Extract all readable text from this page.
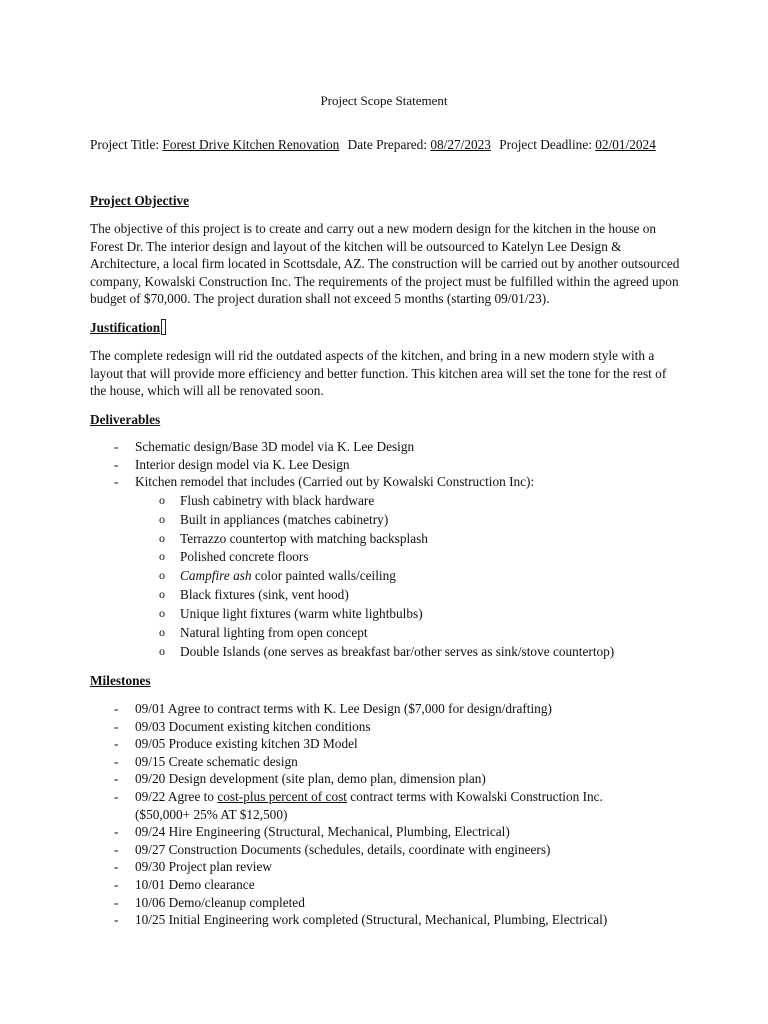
Project Scope Statement
Project Title: Forest Drive Kitchen Renovation Date Prepared: 08/27/2023 Project Deadline: 02/01/2024
Project Objective
The objective of this project is to create and carry out a new modern design for the kitchen in the house on Forest Dr. The interior design and layout of the kitchen will be outsourced to Katelyn Lee Design & Architecture, a local firm located in Scottsdale, AZ. The construction will be carried out by another outsourced company, Kowalski Construction Inc. The requirements of the project must be fulfilled within the agreed upon budget of $70,000. The project duration shall not exceed 5 months (starting 09/01/23).
Justification
The complete redesign will rid the outdated aspects of the kitchen, and bring in a new modern style with a layout that will provide more efficiency and better function. This kitchen area will set the tone for the rest of the house, which will all be renovated soon.
Deliverables
- Schematic design/Base 3D model via K. Lee Design
- Interior design model via K. Lee Design
- Kitchen remodel that includes (Carried out by Kowalski Construction Inc):
o Flush cabinetry with black hardware
o Built in appliances (matches cabinetry)
o Terrazzo countertop with matching backsplash
o Polished concrete floors
o Campfire ash color painted walls/ceiling
o Black fixtures (sink, vent hood)
o Unique light fixtures (warm white lightbulbs)
o Natural lighting from open concept
o Double Islands (one serves as breakfast bar/other serves as sink/stove countertop)
Milestones
- 09/01 Agree to contract terms with K. Lee Design ($7,000 for design/drafting)
- 09/03 Document existing kitchen conditions
- 09/05 Produce existing kitchen 3D Model
- 09/15 Create schematic design
- 09/20 Design development (site plan, demo plan, dimension plan)
- 09/22 Agree to cost-plus percent of cost contract terms with Kowalski Construction Inc.
($50,000+ 25% AT $12,500)
- 09/24 Hire Engineering (Structural, Mechanical, Plumbing, Electrical)
- 09/27 Construction Documents (schedules, details, coordinate with engineers)
- 09/30 Project plan review
- 10/01 Demo clearance
- 10/06 Demo/cleanup completed
- 10/25 Initial Engineering work completed (Structural, Mechanical, Plumbing, Electrical)
